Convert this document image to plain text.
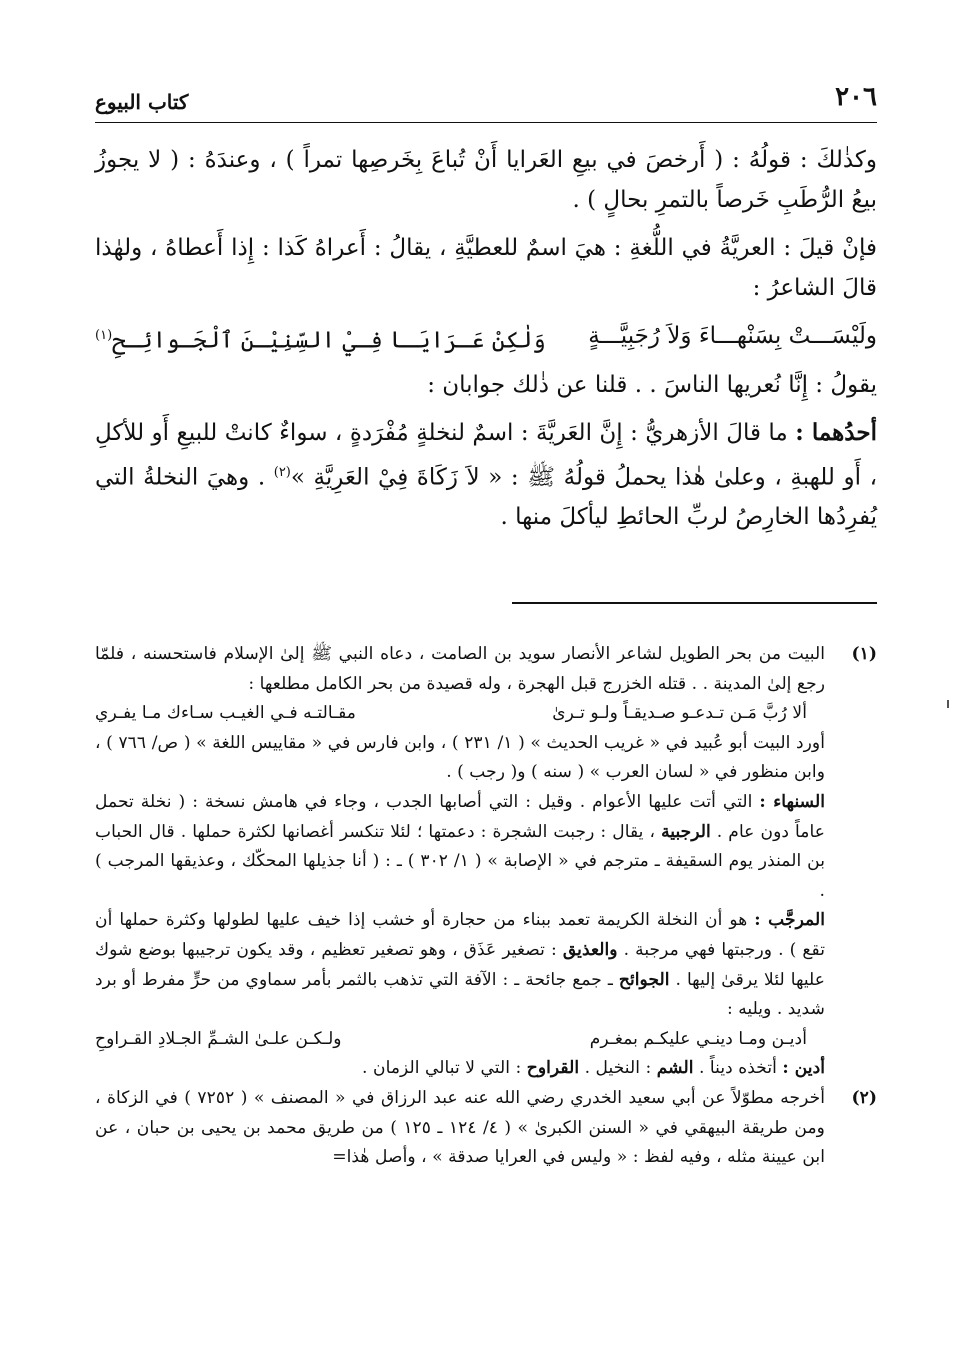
٢٠٦
كتاب البيوع

وكذٰلكَ : قولُهُ : ( أَرخصَ في بيعِ العَرايا أَنْ تُباعَ بِخَرصِها تمراً ) ، وعندَهُ : ( لا يجوزُ بيعُ الرُّطَبِ خَرصاً بالتمرِ بحالٍ ) .

فإنْ قيلَ : العريَّةُ في اللُّغةِ : هيَ اسمٌ للعطيَّةِ ، يقالُ : أَعراهُ كَذا : إِذا أَعطاهُ ، ولهٰذا قالَ الشاعرُ :

ولَيْسَـــتْ بِسَنْهـــاءَ وَلاَ رُجَبِيَّـــةٍ
وَلٰكِنْ عَـرَايَـا فِـيْ السِّنِيْـنَ ٱلْجَـوائِـحِ$^{(١)}$

يقولُ : إِنَّا نُعريها الناسَ . . قلنا عن ذٰلك جوابان :

أحدُهما : ما قالَ الأزهريُّ : إِنَّ العَريَّةَ : اسمٌ لنخلةٍ مُفْرَدةٍ ، سواءٌ كانتْ للبيعِ أَو للأكلِ ، أَو للهبةِ ، وعلىٰ هٰذا يحملُ قولُهُ ﷺ : « لاَ زَكَاةَ فِيْ العَرِيَّةِ »$^{(٢)}$ . وهيَ النخلةُ التي يُفرِدُها الخارِصُ لربِّ الحائطِ ليأكلَ منها .

(١)

البيت من بحر الطويل لشاعر الأنصار سويد بن الصامت ، دعاه النبي ﷺ إلىٰ الإسلام فاستحسنه ، فلمّا رجع إلىٰ المدينة . . قتله الخزرج قبل الهجرة ، وله قصيدة من بحر الكامل مطلعها :

ألا رُبَّ مَـن تـدعـو صـديقـاً ولـو تـرىٰ
مقـالتـه فـي الغيـب سـاءك مـا يفـري

أورد البيت أبو عُبيد في « غريب الحديث » ( ١/ ٢٣١ ) ، وابن فارس في « مقاييس اللغة » ( ص/ ٧٦٦ ) ، وابن منظور في « لسان العرب » ( سنه ) و( رجب ) .

السنهاء : التي أتت عليها الأعوام . وقيل : التي أصابها الجدب ، وجاء في هامش نسخة : ( نخلة تحمل عاماً دون عام . الرجبية ، يقال : رجبت الشجرة : دعمتها ؛ لئلا تنكسر أغصانها لكثرة حملها . قال الحباب بن المنذر يوم السقيفة ـ مترجم في « الإصابة » ( ١/ ٣٠٢ ) ـ : ( أنا جذيلها المحكّك ، وعذيقها المرجب ) .

المرجَّب : هو أن النخلة الكريمة تعمد ببناء من حجارة أو خشب إذا خيف عليها لطولها وكثرة حملها أن تقع ) . ورجبتها فهي مرجبة . والعذيق : تصغير عَذَق ، وهو تصغير تعظيم ، وقد يكون ترجيبها بوضع شوك عليها لئلا يرقىٰ إليها . الجوائح ـ جمع جائحة ـ : الآفة التي تذهب بالثمر بأمر سماوي من حرٍّ مفرط أو برد شديد . ويليه :

أديـن ومـا دينـي عليكـم بمغـرم
ولـكـن علـىٰ الشـمِّ الجـلادِ القـراوحِ

أدين : أتخذه ديناً . الشم : النخيل . القراوح : التي لا تبالي الزمان .

(٢)

أخرجه مطوّلاً عن أبي سعيد الخدري رضي الله عنه عبد الرزاق في « المصنف » ( ٧٢٥٢ ) في الزكاة ، ومن طريقة البيهقي في « السنن الكبرىٰ » ( ٤/ ١٢٤ ـ ١٢٥ ) من طريق محمد بن يحيى بن حبان ، عن ابن عيينة مثله ، وفيه لفظ : « وليس في العرايا صدقة » ، وأصل هٰذا=
